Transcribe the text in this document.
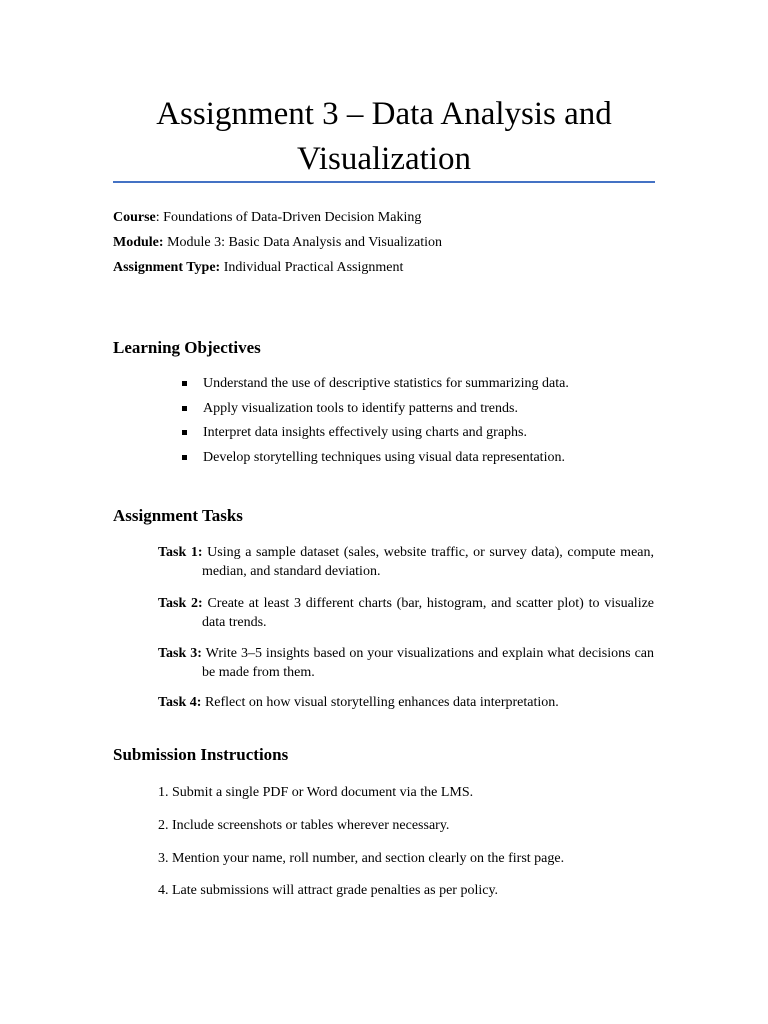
Assignment 3 – Data Analysis and Visualization
Course: Foundations of Data-Driven Decision Making
Module: Module 3: Basic Data Analysis and Visualization
Assignment Type: Individual Practical Assignment
Learning Objectives
Understand the use of descriptive statistics for summarizing data.
Apply visualization tools to identify patterns and trends.
Interpret data insights effectively using charts and graphs.
Develop storytelling techniques using visual data representation.
Assignment Tasks
Task 1: Using a sample dataset (sales, website traffic, or survey data), compute mean, median, and standard deviation.
Task 2: Create at least 3 different charts (bar, histogram, and scatter plot) to visualize data trends.
Task 3: Write 3–5 insights based on your visualizations and explain what decisions can be made from them.
Task 4: Reflect on how visual storytelling enhances data interpretation.
Submission Instructions
1. Submit a single PDF or Word document via the LMS.
2. Include screenshots or tables wherever necessary.
3. Mention your name, roll number, and section clearly on the first page.
4. Late submissions will attract grade penalties as per policy.
